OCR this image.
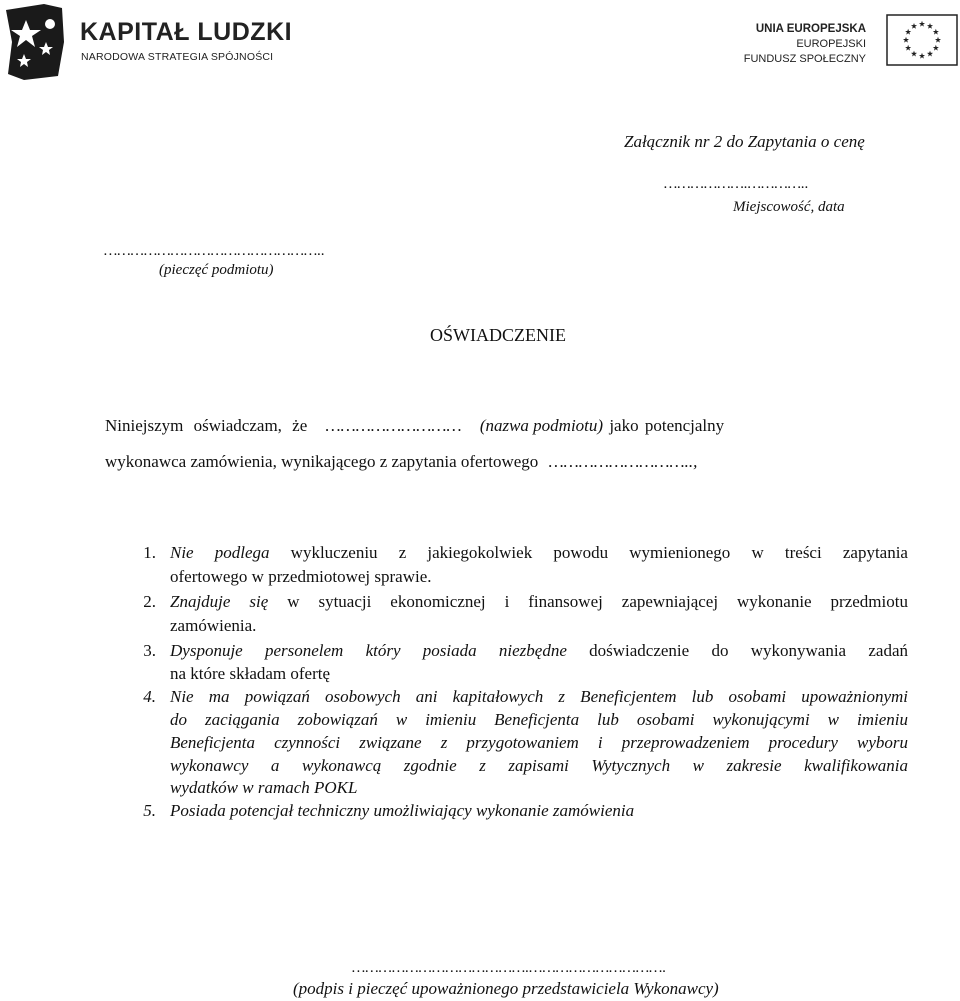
KAPITAŁ LUDZKI
NARODOWA STRATEGIA SPÓJNOŚCI
UNIA EUROPEJSKA
EUROPEJSKI
FUNDUSZ SPOŁECZNY
Załącznik nr 2 do Zapytania o cenę
……………….…………..
Miejscowość, data
…………………………………………..
(pieczęć podmiotu)
OŚWIADCZENIE
Niniejszym oświadczam, że ……………………… (nazwa podmiotu) jako potencjalny
wykonawca zamówienia, wynikającego z zapytania ofertowego ………………………..,
1. Nie podlega wykluczeniu z jakiegokolwiek powodu wymienionego w treści zapytania
ofertowego w przedmiotowej sprawie.
2. Znajduje się w sytuacji ekonomicznej i finansowej zapewniającej wykonanie przedmiotu
zamówienia.
3. Dysponuje personelem który posiada niezbędne doświadczenie do wykonywania zadań
na które składam ofertę
4. Nie ma powiązań osobowych ani kapitałowych z Beneficjentem lub osobami upoważnionymi
do zaciągania zobowiązań w imieniu Beneficjenta lub osobami wykonującymi w imieniu
Beneficjenta czynności związane z przygotowaniem i przeprowadzeniem procedury wyboru
wykonawcy a wykonawcą zgodnie z zapisami Wytycznych w zakresie kwalifikowania
wydatków w ramach POKL
5. Posiada potencjał techniczny umożliwiający wykonanie zamówienia
………………………………….………………………….
(podpis i pieczęć upoważnionego przedstawiciela Wykonawcy)
